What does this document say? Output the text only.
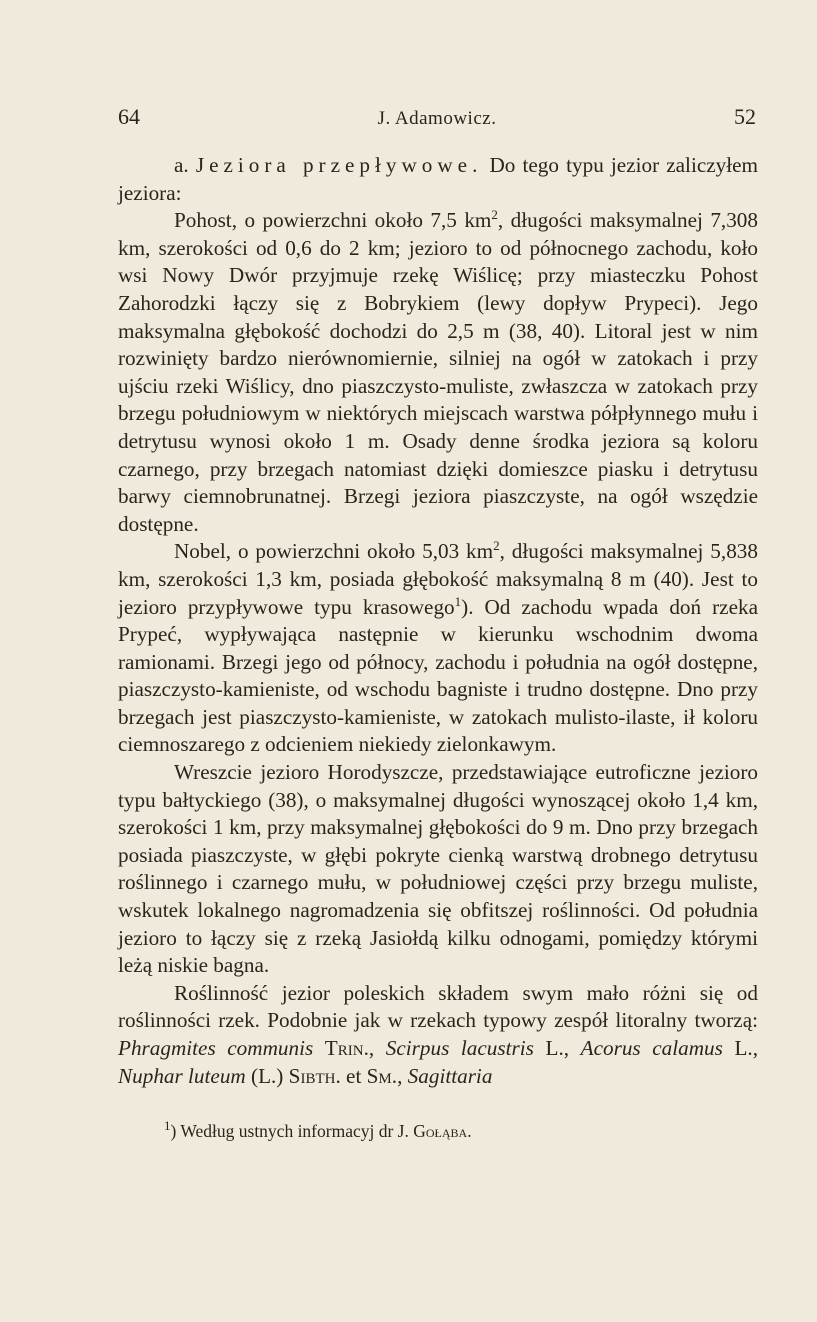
64	J. Adamowicz.	52

a. Jeziora przepływowe. Do tego typu jezior zaliczyłem jeziora:

Pohost, o powierzchni około 7,5 $km^2$, długości maksymalnej 7,308 km, szerokości od 0,6 do 2 km; jezioro to od północnego zachodu, koło wsi Nowy Dwór przyjmuje rzekę Wiślicę; przy miasteczku Pohost Zahorodzki łączy się z Bobrykiem (lewy dopływ Prypeci). Jego maksymalna głębokość dochodzi do 2,5 m (38, 40). Litoral jest w nim rozwinięty bardzo nierównomiernie, silniej na ogół w zatokach i przy ujściu rzeki Wiślicy, dno piaszczysto-muliste, zwłaszcza w zatokach przy brzegu południowym w niektórych miejscach warstwa półpłynnego mułu i detrytusu wynosi około 1 m. Osady denne środka jeziora są koloru czarnego, przy brzegach natomiast dzięki domieszce piasku i detrytusu barwy ciemnobrunatnej. Brzegi jeziora piaszczyste, na ogół wszędzie dostępne.

Nobel, o powierzchni około 5,03 $km^2$, długości maksymalnej 5,838 km, szerokości 1,3 km, posiada głębokość maksymalną 8 m (40). Jest to jezioro przypływowe typu krasowego$^1$). Od zachodu wpada doń rzeka Prypeć, wypływająca następnie w kierunku wschodnim dwoma ramionami. Brzegi jego od północy, zachodu i południa na ogół dostępne, piaszczysto-kamieniste, od wschodu bagniste i trudno dostępne. Dno przy brzegach jest piaszczysto-kamieniste, w zatokach mulisto-ilaste, ił koloru ciemnoszarego z odcieniem niekiedy zielonkawym.

Wreszcie jezioro Horodyszcze, przedstawiające eutroficzne jezioro typu bałtyckiego (38), o maksymalnej długości wynoszącej około 1,4 km, szerokości 1 km, przy maksymalnej głębokości do 9 m. Dno przy brzegach posiada piaszczyste, w głębi pokryte cienką warstwą drobnego detrytusu roślinnego i czarnego mułu, w południowej części przy brzegu muliste, wskutek lokalnego nagromadzenia się obfitszej roślinności. Od południa jezioro to łączy się z rzeką Jasiołdą kilku odnogami, pomiędzy którymi leżą niskie bagna.

Roślinność jezior poleskich składem swym mało różni się od roślinności rzek. Podobnie jak w rzekach typowy zespół litoralny tworzą: Phragmites communis Trin., Scirpus lacustris L., Acorus calamus L., Nuphar luteum (L.) Sibth. et Sm., Sagittaria

$^1$) Według ustnych informacyj dr J. Gołąba.
